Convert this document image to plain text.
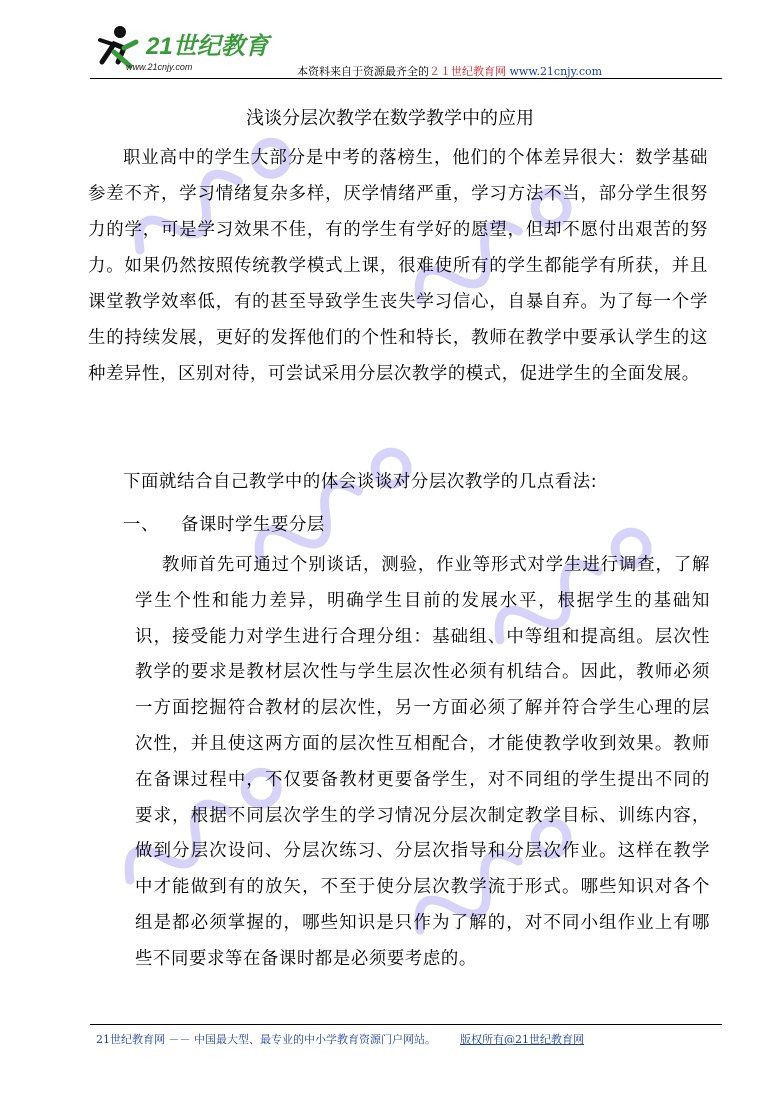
21世纪教育
www.21cnjy.com	本资料来自于资源最齐全的２１世纪教育网 www.21cnjy.com
浅谈分层次教学在数学教学中的应用
职业高中的学生大部分是中考的落榜生，他们的个体差异很大：数学基础参差不齐，学习情绪复杂多样，厌学情绪严重，学习方法不当，部分学生很努力的学，可是学习效果不佳，有的学生有学好的愿望，但却不愿付出艰苦的努力。如果仍然按照传统教学模式上课，很难使所有的学生都能学有所获，并且课堂教学效率低，有的甚至导致学生丧失学习信心，自暴自弃。为了每一个学生的持续发展，更好的发挥他们的个性和特长，教师在教学中要承认学生的这种差异性，区别对待，可尝试采用分层次教学的模式，促进学生的全面发展。
下面就结合自己教学中的体会谈谈对分层次教学的几点看法:
一、 备课时学生要分层
教师首先可通过个别谈话，测验，作业等形式对学生进行调查，了解学生个性和能力差异，明确学生目前的发展水平，根据学生的基础知识，接受能力对学生进行合理分组：基础组、中等组和提高组。层次性教学的要求是教材层次性与学生层次性必须有机结合。因此，教师必须一方面挖掘符合教材的层次性，另一方面必须了解并符合学生心理的层次性，并且使这两方面的层次性互相配合，才能使教学收到效果。教师在备课过程中，不仅要备教材更要备学生，对不同组的学生提出不同的要求，根据不同层次学生的学习情况分层次制定教学目标、训练内容，做到分层次设问、分层次练习、分层次指导和分层次作业。这样在教学中才能做到有的放矢，不至于使分层次教学流于形式。哪些知识对各个组是都必须掌握的，哪些知识是只作为了解的，对不同小组作业上有哪些不同要求等在备课时都是必须要考虑的。
21世纪教育网 －－ 中国最大型、最专业的中小学教育资源门户网站。 版权所有@21世纪教育网
